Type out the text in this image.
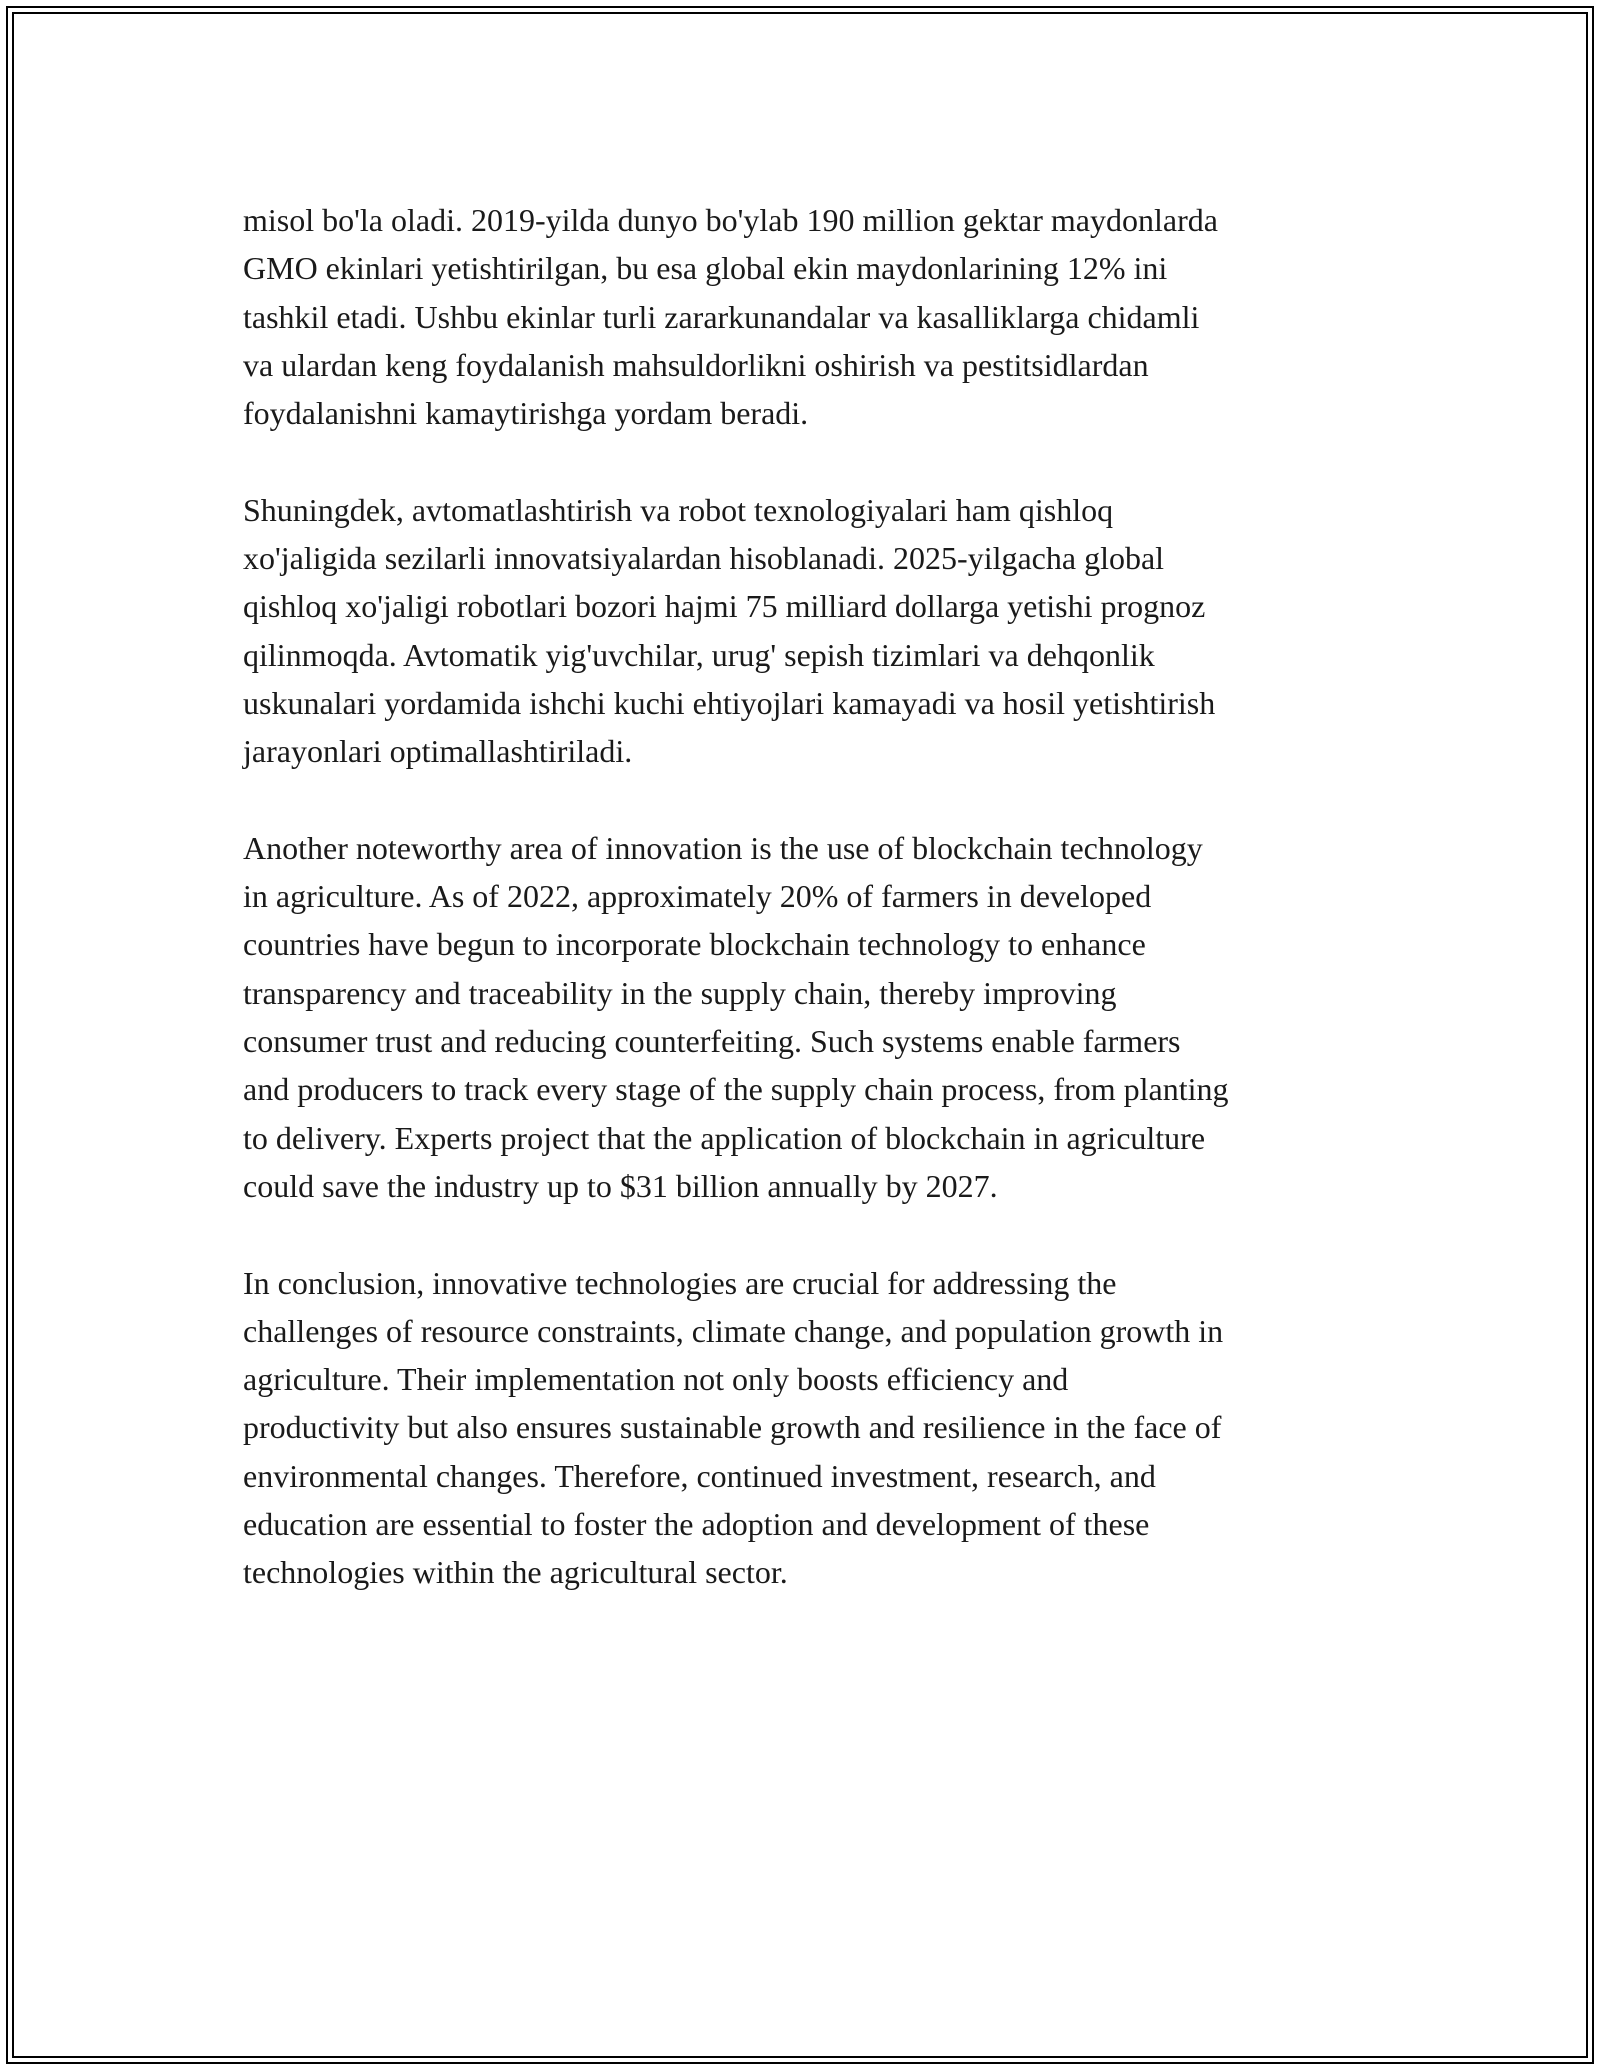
misol bo'la oladi. 2019-yilda dunyo bo'ylab 190 million gektar maydonlarda
GMO ekinlari yetishtirilgan, bu esa global ekin maydonlarining 12% ini
tashkil etadi. Ushbu ekinlar turli zararkunandalar va kasalliklarga chidamli
va ulardan keng foydalanish mahsuldorlikni oshirish va pestitsidlardan
foydalanishni kamaytirishga yordam beradi.

Shuningdek, avtomatlashtirish va robot texnologiyalari ham qishloq
xo'jaligida sezilarli innovatsiyalardan hisoblanadi. 2025-yilgacha global
qishloq xo'jaligi robotlari bozori hajmi 75 milliard dollarga yetishi prognoz
qilinmoqda. Avtomatik yig'uvchilar, urug' sepish tizimlari va dehqonlik
uskunalari yordamida ishchi kuchi ehtiyojlari kamayadi va hosil yetishtirish
jarayonlari optimallashtiriladi.

Another noteworthy area of innovation is the use of blockchain technology
in agriculture. As of 2022, approximately 20% of farmers in developed
countries have begun to incorporate blockchain technology to enhance
transparency and traceability in the supply chain, thereby improving
consumer trust and reducing counterfeiting. Such systems enable farmers
and producers to track every stage of the supply chain process, from planting
to delivery. Experts project that the application of blockchain in agriculture
could save the industry up to $31 billion annually by 2027.

In conclusion, innovative technologies are crucial for addressing the
challenges of resource constraints, climate change, and population growth in
agriculture. Their implementation not only boosts efficiency and
productivity but also ensures sustainable growth and resilience in the face of
environmental changes. Therefore, continued investment, research, and
education are essential to foster the adoption and development of these
technologies within the agricultural sector.
